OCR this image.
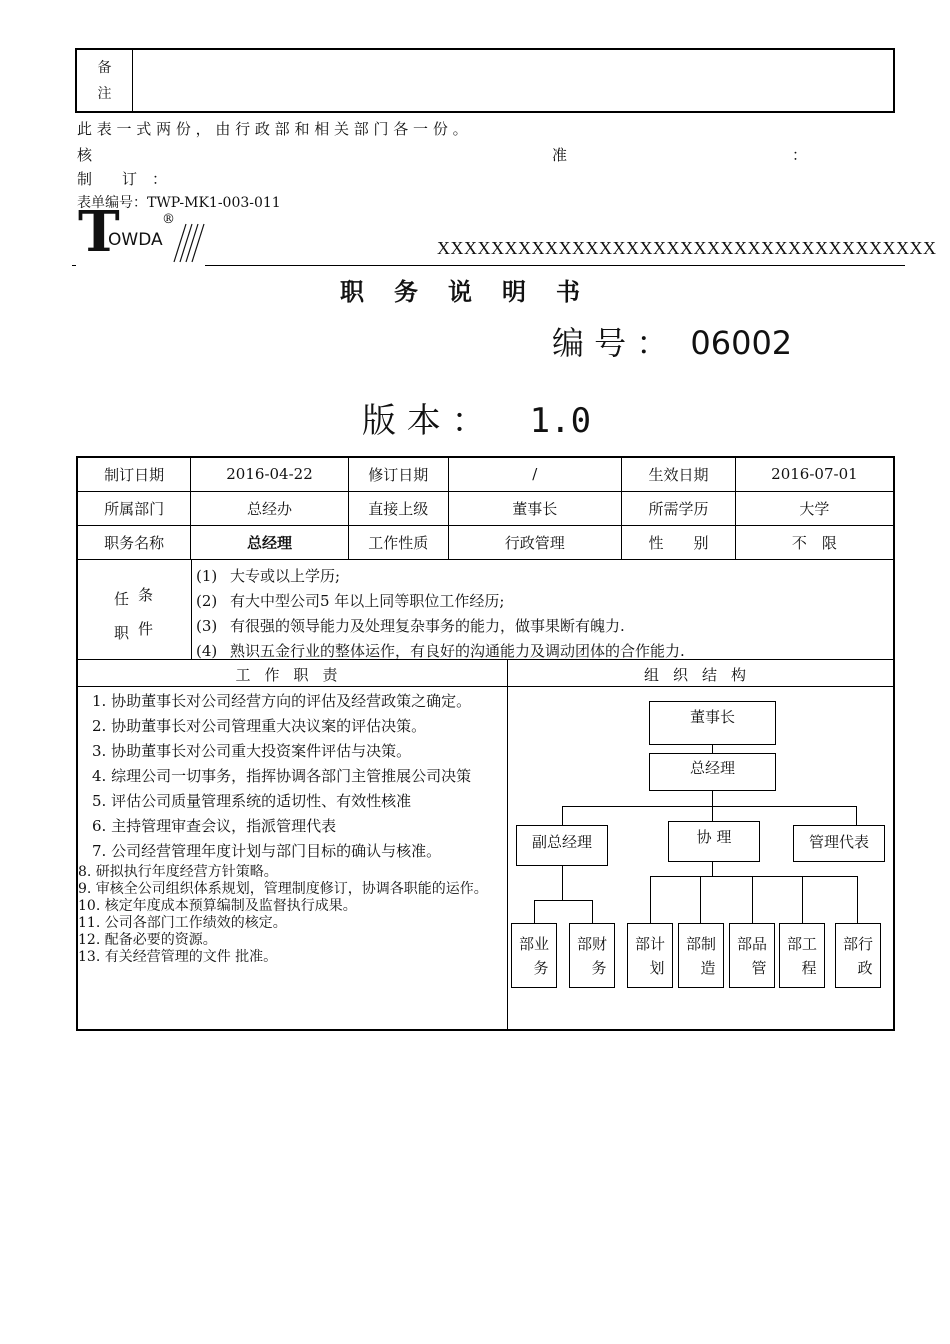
备
注
此 表 一 式 两 份 ， 由 行 政 部 和 相 关 部 门 各 一 份 。
核	准	：
制　　订　：
表单编号：TWP-MK1-003-011
T
OWDA
®
XXXXXXXXXXXXXXXXXXXXXXXXXXXXXXXXXXXXX
职务说明书
编 号 ： 06002
版 本 ： 1.0
制订日期	2016-04-22	修订日期	/	生效日期	2016-07-01
所属部门	总经办	直接上级	董事长	所需学历	大学
职务名称	总经理	工作性质	行政管理	性　　别	不　限
任
职
条
件
(1) 大专或以上学历;
(2) 有大中型公司5 年以上同等职位工作经历;
(3) 有很强的领导能力及处理复杂事务的能力，做事果断有魄力.
(4) 熟识五金行业的整体运作，有良好的沟通能力及调动团体的合作能力.
工作职责	组织结构
1. 协助董事长对公司经营方向的评估及经营政策之确定。
2. 协助董事长对公司管理重大决议案的评估决策。
3. 协助董事长对公司重大投资案件评估与决策。
4. 综理公司一切事务，指挥协调各部门主管推展公司决策
5. 评估公司质量管理系统的适切性、有效性核准
6. 主持管理审查会议，指派管理代表
7. 公司经营管理年度计划与部门目标的确认与核准。
8. 研拟执行年度经营方针策略。
9. 审核全公司组织体系规划，管理制度修订，协调各职能的运作。
10. 核定年度成本预算编制及监督执行成果。
11. 公司各部门工作绩效的核定。
12. 配备必要的资源。
13. 有关经营管理的文件 批准。
董事长
总经理
副总经理	协 理	管理代表
部业
务
部财
务
部计
划
部制
造
部品
管
部工
程
部行
政
